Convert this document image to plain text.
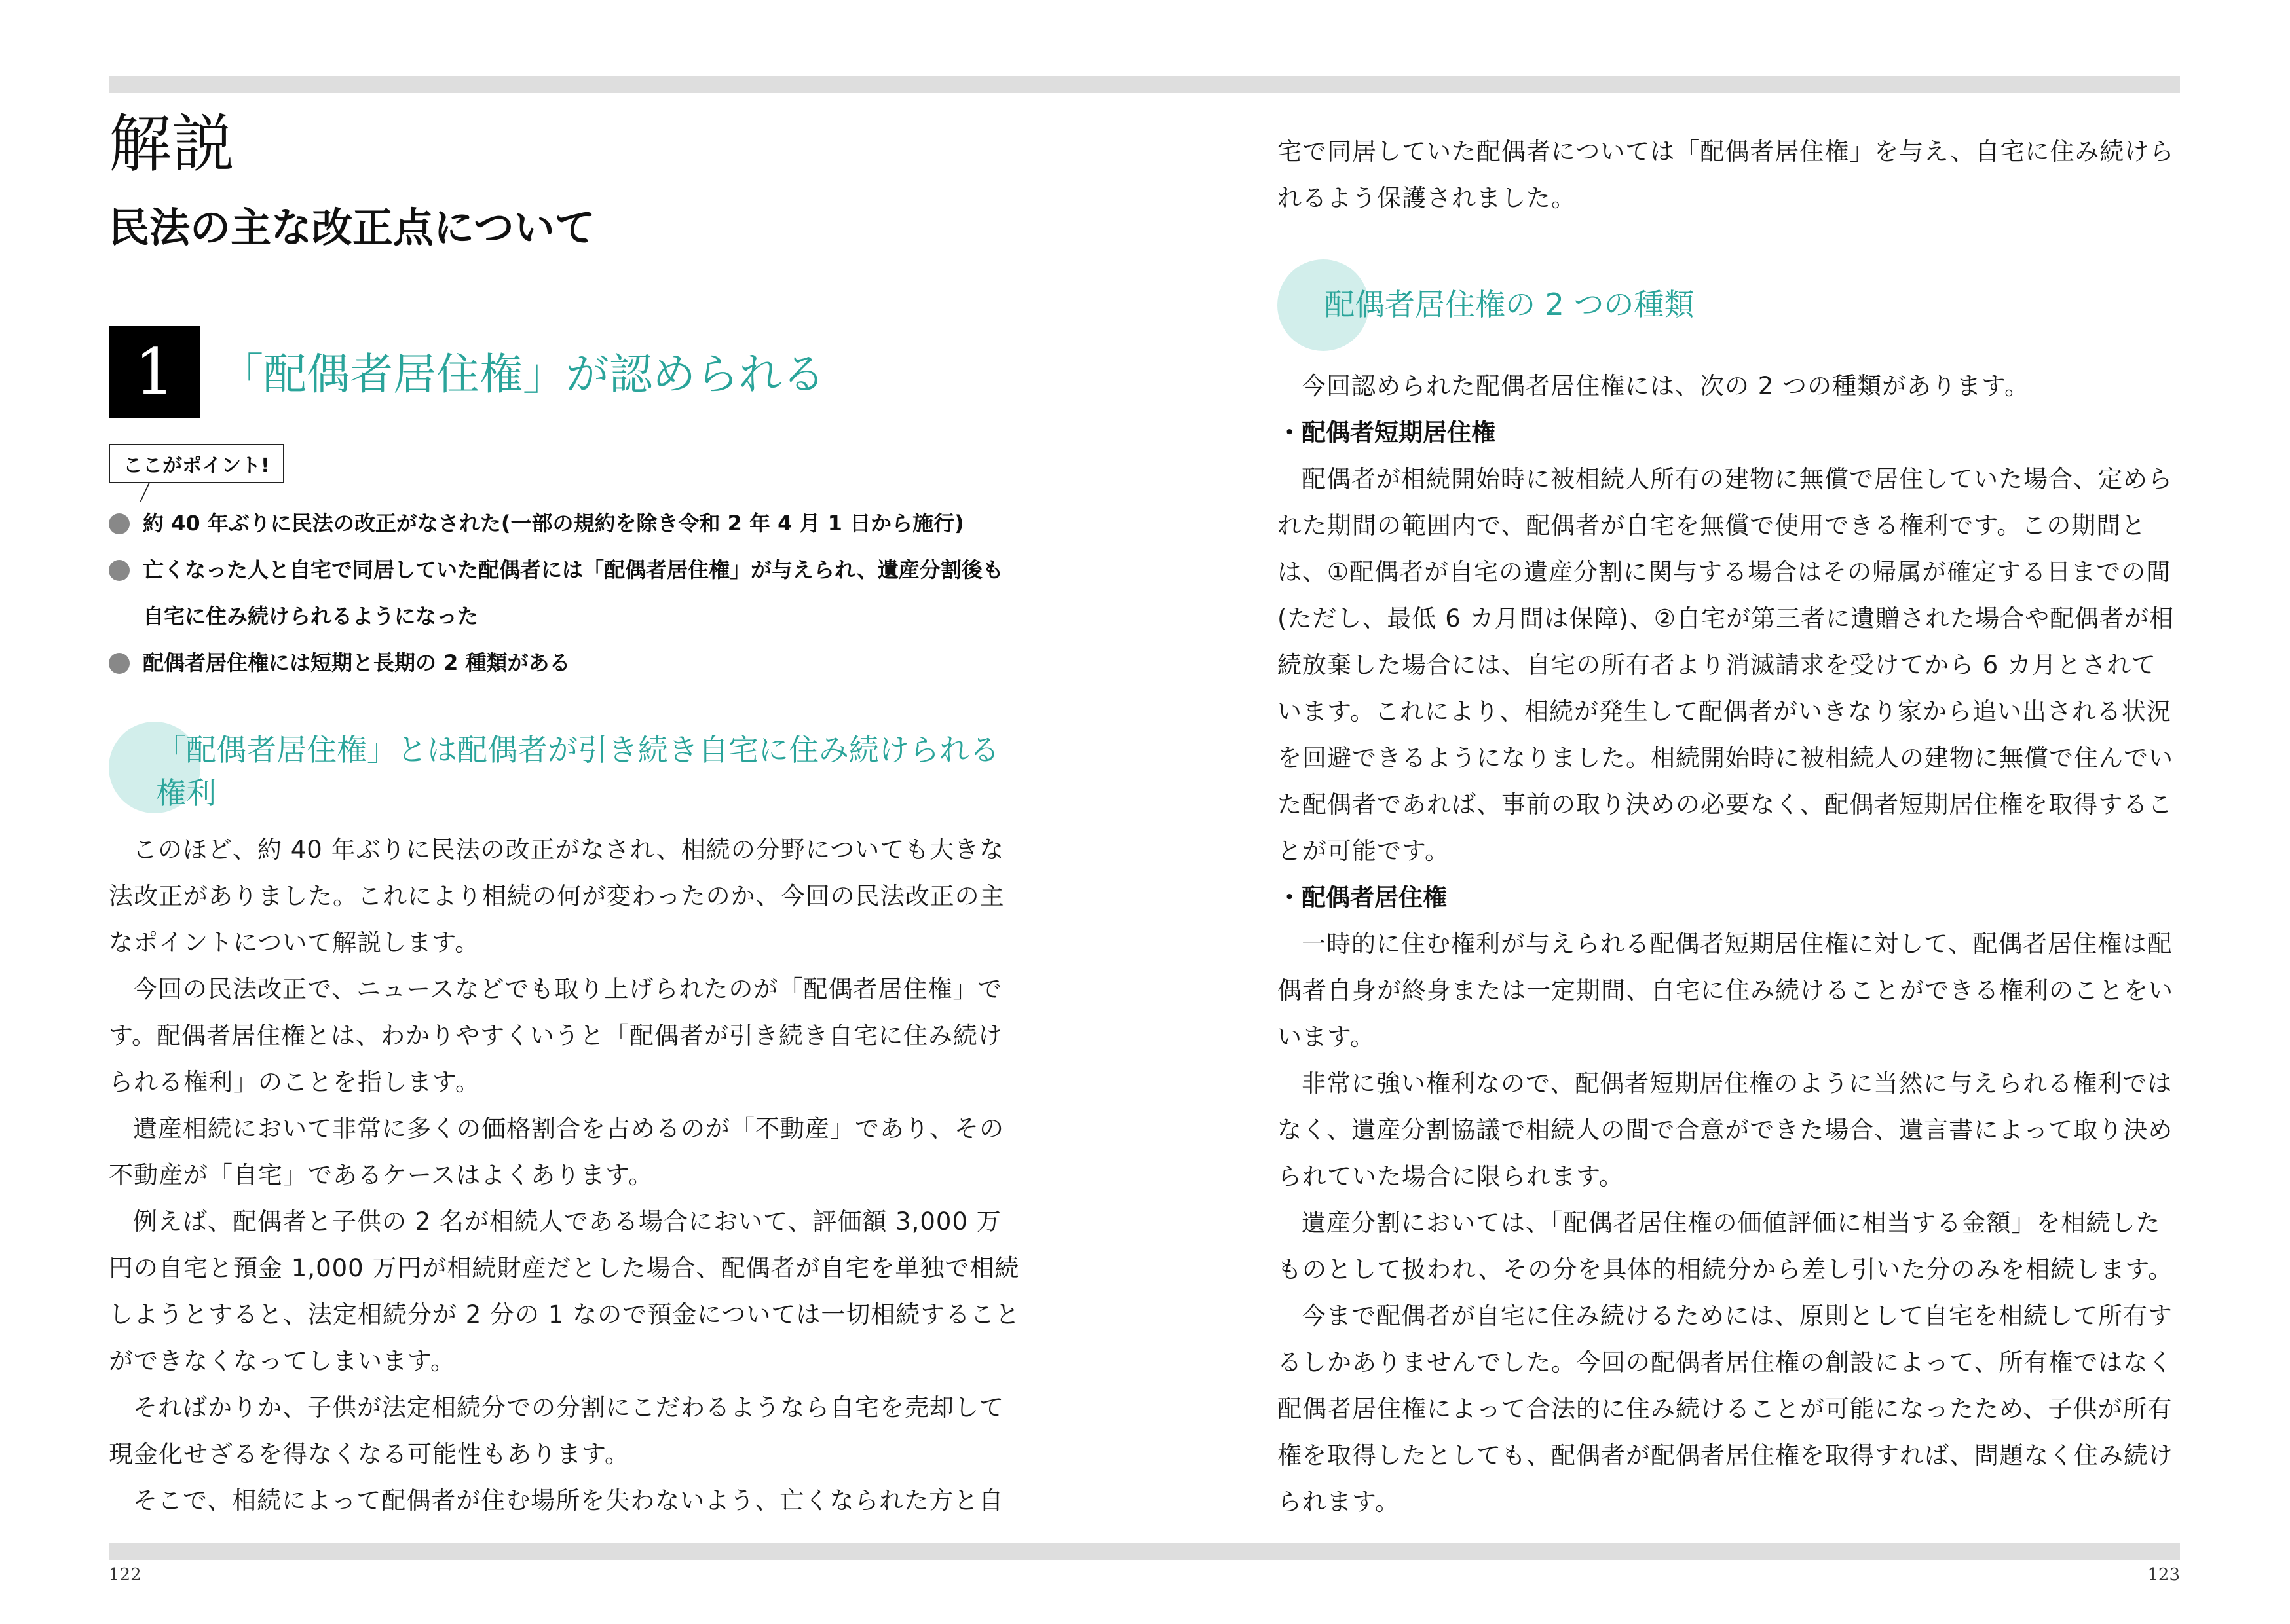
解説
民法の主な改正点について
1	「配偶者居住権」が認められる
ここがポイント!
約 40 年ぶりに民法の改正がなされた(一部の規約を除き令和 2 年 4 月 1 日から施行)
亡くなった人と自宅で同居していた配偶者には「配偶者居住権」が与えられ、遺産分割後も自宅に住み続けられるようになった
配偶者居住権には短期と長期の 2 種類がある
「配偶者居住権」とは配偶者が引き続き自宅に住み続けられる権利

このほど、約 40 年ぶりに民法の改正がなされ、相続の分野についても大きな法改正がありました。これにより相続の何が変わったのか、今回の民法改正の主なポイントについて解説します。

今回の民法改正で、ニュースなどでも取り上げられたのが「配偶者居住権」です。配偶者居住権とは、わかりやすくいうと「配偶者が引き続き自宅に住み続けられる権利」のことを指します。

遺産相続において非常に多くの価格割合を占めるのが「不動産」であり、その不動産が「自宅」であるケースはよくあります。

例えば、配偶者と子供の 2 名が相続人である場合において、評価額 3,000 万円の自宅と預金 1,000 万円が相続財産だとした場合、配偶者が自宅を単独で相続しようとすると、法定相続分が 2 分の 1 なので預金については一切相続することができなくなってしまいます。

そればかりか、子供が法定相続分での分割にこだわるようなら自宅を売却して現金化せざるを得なくなる可能性もあります。

そこで、相続によって配偶者が住む場所を失わないよう、亡くなられた方と自

宅で同居していた配偶者については「配偶者居住権」を与え、自宅に住み続けられるよう保護されました。

配偶者居住権の 2 つの種類

今回認められた配偶者居住権には、次の 2 つの種類があります。

・配偶者短期居住権

配偶者が相続開始時に被相続人所有の建物に無償で居住していた場合、定められた期間の範囲内で、配偶者が自宅を無償で使用できる権利です。この期間とは、①配偶者が自宅の遺産分割に関与する場合はその帰属が確定する日までの間(ただし、最低 6 カ月間は保障)、②自宅が第三者に遺贈された場合や配偶者が相続放棄した場合には、自宅の所有者より消滅請求を受けてから 6 カ月とされています。これにより、相続が発生して配偶者がいきなり家から追い出される状況を回避できるようになりました。相続開始時に被相続人の建物に無償で住んでいた配偶者であれば、事前の取り決めの必要なく、配偶者短期居住権を取得することが可能です。

・配偶者居住権

一時的に住む権利が与えられる配偶者短期居住権に対して、配偶者居住権は配偶者自身が終身または一定期間、自宅に住み続けることができる権利のことをいいます。

非常に強い権利なので、配偶者短期居住権のように当然に与えられる権利ではなく、遺産分割協議で相続人の間で合意ができた場合、遺言書によって取り決められていた場合に限られます。

遺産分割においては、「配偶者居住権の価値評価に相当する金額」を相続したものとして扱われ、その分を具体的相続分から差し引いた分のみを相続します。

今まで配偶者が自宅に住み続けるためには、原則として自宅を相続して所有するしかありませんでした。今回の配偶者居住権の創設によって、所有権ではなく配偶者居住権によって合法的に住み続けることが可能になったため、子供が所有権を取得したとしても、配偶者が配偶者居住権を取得すれば、問題なく住み続けられます。

122	123
